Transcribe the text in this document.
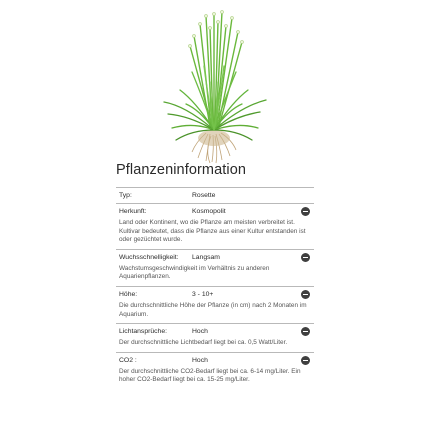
Pflanzeninformation
Typ:	Rosette
Herkunft:	Kosmopolit
Land oder Kontinent, wo die Pflanze am meisten verbreitet ist. Kultivar bedeutet, dass die Pflanze aus einer Kultur entstanden ist oder gezüchtet wurde.
Wuchsschnelligkeit: Langsam
Wachstumsgeschwindigkeit im Verhältnis zu anderen Aquarienpflanzen.
Höhe:	3 - 10+
Die durchschnittliche Höhe der Pflanze (in cm) nach 2 Monaten im Aquarium.
Lichtansprüche:	Hoch
Der durchschnittliche Lichtbedarf liegt bei ca. 0,5 Watt/Liter.
CO2 :	Hoch
Der durchschnittliche CO2-Bedarf liegt bei ca. 6-14 mg/Liter. Ein hoher CO2-Bedarf liegt bei ca. 15-25 mg/Liter.
